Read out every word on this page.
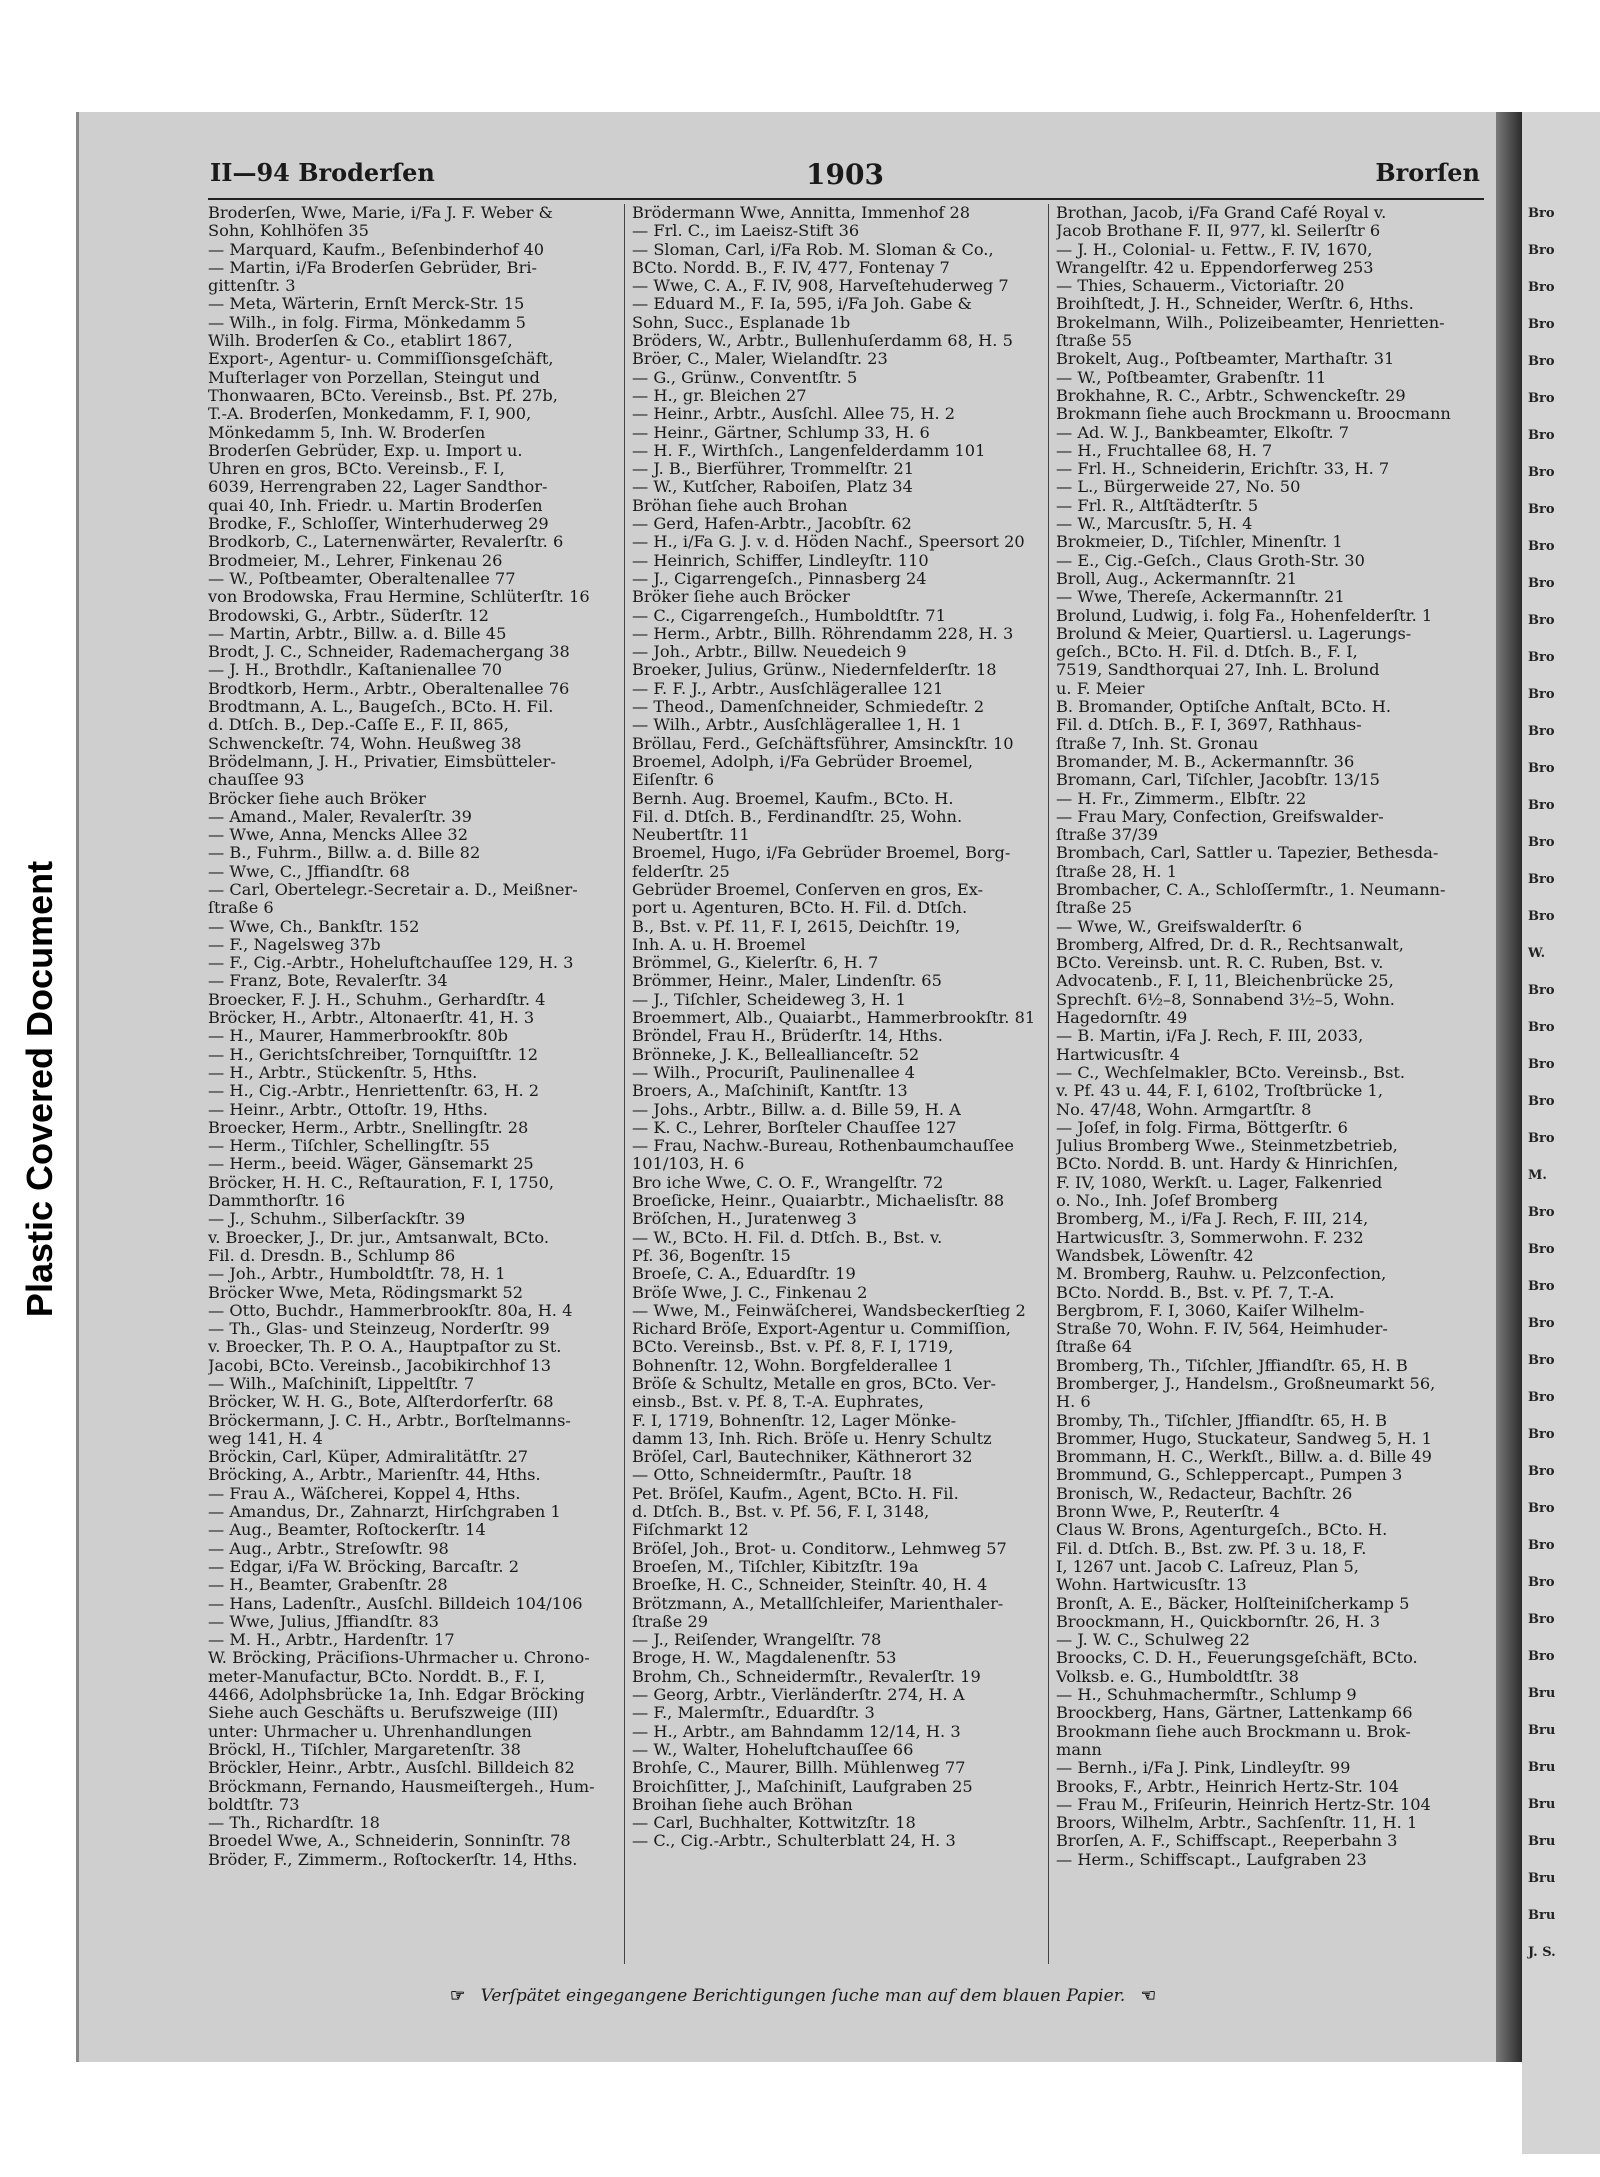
Plastic Covered Document
Bro
Bro
Bro
Bro
Bro
Bro
Bro
Bro
Bro
Bro
Bro
Bro
Bro
Bro
Bro
Bro
Bro
Bro
Bro
Bro
W.
Bro
Bro
Bro
Bro
Bro
M.
Bro
Bro
Bro
Bro
Bro
Bro
Bro
Bro
Bro
Bro
Bro
Bro
Bro
Bru
Bru
Bru
Bru
Bru
Bru
Bru
J. S.
II—94 Broderſen	1903	Brorſen
Broderſen, Wwe, Marie, i/Fa J. F. Weber &
Sohn, Kohlhöfen 35
— Marquard, Kaufm., Beſenbinderhof 40
— Martin, i/Fa Broderſen Gebrüder, Bri-
gittenſtr. 3
— Meta, Wärterin, Ernſt Merck-Str. 15
— Wilh., in folg. Firma, Mönkedamm 5
Wilh. Broderſen & Co., etablirt 1867,
Export-, Agentur- u. Commiſſionsgeſchäft,
Muſterlager von Porzellan, Steingut und
Thonwaaren, BCto. Vereinsb., Bst. Pf. 27b,
T.-A. Broderſen, Monkedamm, F. I, 900,
Mönkedamm 5, Inh. W. Broderſen
Broderſen Gebrüder, Exp. u. Import u.
Uhren en gros, BCto. Vereinsb., F. I,
6039, Herrengraben 22, Lager Sandthor-
quai 40, Inh. Friedr. u. Martin Broderſen
Brodke, F., Schloſſer, Winterhuderweg 29
Brodkorb, C., Laternenwärter, Revalerſtr. 6
Brodmeier, M., Lehrer, Finkenau 26
— W., Poſtbeamter, Oberaltenallee 77
von Brodowska, Frau Hermine, Schlüterſtr. 16
Brodowski, G., Arbtr., Süderſtr. 12
— Martin, Arbtr., Billw. a. d. Bille 45
Brodt, J. C., Schneider, Rademachergang 38
— J. H., Brothdlr., Kaſtanienallee 70
Brodtkorb, Herm., Arbtr., Oberaltenallee 76
Brodtmann, A. L., Baugeſch., BCto. H. Fil.
d. Dtſch. B., Dep.-Caſſe E., F. II, 865,
Schwenckeſtr. 74, Wohn. Heußweg 38
Brödelmann, J. H., Privatier, Eimsbütteler-
chauſſee 93
Bröcker ſiehe auch Bröker
— Amand., Maler, Revalerſtr. 39
— Wwe, Anna, Mencks Allee 32
— B., Fuhrm., Billw. a. d. Bille 82
— Wwe, C., Jffiandſtr. 68
— Carl, Obertelegr.-Secretair a. D., Meißner-
ſtraße 6
— Wwe, Ch., Bankſtr. 152
— F., Nagelsweg 37b
— F., Cig.-Arbtr., Hoheluftchauſſee 129, H. 3
— Franz, Bote, Revalerſtr. 34
Broecker, F. J. H., Schuhm., Gerhardſtr. 4
Bröcker, H., Arbtr., Altonaerſtr. 41, H. 3
— H., Maurer, Hammerbrookſtr. 80b
— H., Gerichtsſchreiber, Tornquiſtſtr. 12
— H., Arbtr., Stückenſtr. 5, Hths.
— H., Cig.-Arbtr., Henriettenſtr. 63, H. 2
— Heinr., Arbtr., Ottoſtr. 19, Hths.
Broecker, Herm., Arbtr., Snellingſtr. 28
— Herm., Tiſchler, Schellingſtr. 55
— Herm., beeid. Wäger, Gänsemarkt 25
Bröcker, H. H. C., Reſtauration, F. I, 1750,
Dammthorſtr. 16
— J., Schuhm., Silberſackſtr. 39
v. Broecker, J., Dr. jur., Amtsanwalt, BCto.
Fil. d. Dresdn. B., Schlump 86
— Joh., Arbtr., Humboldtſtr. 78, H. 1
Bröcker Wwe, Meta, Rödingsmarkt 52
— Otto, Buchdr., Hammerbrookſtr. 80a, H. 4
— Th., Glas- und Steinzeug, Norderſtr. 99
v. Broecker, Th. P. O. A., Hauptpaſtor zu St.
Jacobi, BCto. Vereinsb., Jacobikirchhof 13
— Wilh., Maſchiniſt, Lippeltſtr. 7
Bröcker, W. H. G., Bote, Alſterdorferſtr. 68
Bröckermann, J. C. H., Arbtr., Borſtelmanns-
weg 141, H. 4
Bröckin, Carl, Küper, Admiralitätſtr. 27
Bröcking, A., Arbtr., Marienſtr. 44, Hths.
— Frau A., Wäſcherei, Koppel 4, Hths.
— Amandus, Dr., Zahnarzt, Hirſchgraben 1
— Aug., Beamter, Roſtockerſtr. 14
— Aug., Arbtr., Streſowſtr. 98
— Edgar, i/Fa W. Bröcking, Barcaſtr. 2
— H., Beamter, Grabenſtr. 28
— Hans, Ladenſtr., Ausſchl. Billdeich 104/106
— Wwe, Julius, Jffiandſtr. 83
— M. H., Arbtr., Hardenſtr. 17
W. Bröcking, Präciſions-Uhrmacher u. Chrono-
meter-Manufactur, BCto. Norddt. B., F. I,
4466, Adolphsbrücke 1a, Inh. Edgar Bröcking
Siehe auch Geschäfts u. Berufszweige (III)
unter: Uhrmacher u. Uhrenhandlungen
Bröckl, H., Tiſchler, Margaretenſtr. 38
Bröckler, Heinr., Arbtr., Ausſchl. Billdeich 82
Bröckmann, Fernando, Hausmeiſtergeh., Hum-
boldtſtr. 73
— Th., Richardſtr. 18
Broedel Wwe, A., Schneiderin, Sonninſtr. 78
Bröder, F., Zimmerm., Roſtockerſtr. 14, Hths.
Brödermann Wwe, Annitta, Immenhof 28
— Frl. C., im Laeisz-Stift 36
— Sloman, Carl, i/Fa Rob. M. Sloman & Co.,
BCto. Nordd. B., F. IV, 477, Fontenay 7
— Wwe, C. A., F. IV, 908, Harveſtehuderweg 7
— Eduard M., F. Ia, 595, i/Fa Joh. Gabe &
Sohn, Succ., Esplanade 1b
Bröders, W., Arbtr., Bullenhuſerdamm 68, H. 5
Bröer, C., Maler, Wielandſtr. 23
— G., Grünw., Conventſtr. 5
— H., gr. Bleichen 27
— Heinr., Arbtr., Ausſchl. Allee 75, H. 2
— Heinr., Gärtner, Schlump 33, H. 6
— H. F., Wirthſch., Langenfelderdamm 101
— J. B., Bierführer, Trommelſtr. 21
— W., Kutſcher, Raboiſen, Platz 34
Bröhan ſiehe auch Brohan
— Gerd, Hafen-Arbtr., Jacobſtr. 62
— H., i/Fa G. J. v. d. Höden Nachf., Speersort 20
— Heinrich, Schiffer, Lindleyſtr. 110
— J., Cigarrengeſch., Pinnasberg 24
Bröker ſiehe auch Bröcker
— C., Cigarrengeſch., Humboldtſtr. 71
— Herm., Arbtr., Billh. Röhrendamm 228, H. 3
— Joh., Arbtr., Billw. Neuedeich 9
Broeker, Julius, Grünw., Niedernfelderſtr. 18
— F. F. J., Arbtr., Ausſchlägerallee 121
— Theod., Damenſchneider, Schmiedeſtr. 2
— Wilh., Arbtr., Ausſchlägerallee 1, H. 1
Bröllau, Ferd., Geſchäftsführer, Amsinckſtr. 10
Broemel, Adolph, i/Fa Gebrüder Broemel,
Eiſenſtr. 6
Bernh. Aug. Broemel, Kaufm., BCto. H.
Fil. d. Dtſch. B., Ferdinandſtr. 25, Wohn.
Neubertſtr. 11
Broemel, Hugo, i/Fa Gebrüder Broemel, Borg-
felderſtr. 25
Gebrüder Broemel, Conſerven en gros, Ex-
port u. Agenturen, BCto. H. Fil. d. Dtſch.
B., Bst. v. Pf. 11, F. I, 2615, Deichſtr. 19,
Inh. A. u. H. Broemel
Brömmel, G., Kielerſtr. 6, H. 7
Brömmer, Heinr., Maler, Lindenſtr. 65
— J., Tiſchler, Scheideweg 3, H. 1
Broemmert, Alb., Quaiarbt., Hammerbrookſtr. 81
Bröndel, Frau H., Brüderſtr. 14, Hths.
Brönneke, J. K., Belleallianceſtr. 52
— Wilh., Procuriſt, Paulinenallee 4
Broers, A., Maſchiniſt, Kantſtr. 13
— Johs., Arbtr., Billw. a. d. Bille 59, H. A
— K. C., Lehrer, Borſteler Chauſſee 127
— Frau, Nachw.-Bureau, Rothenbaumchauſſee
101/103, H. 6
Bro iche Wwe, C. O. F., Wrangelſtr. 72
Broeſicke, Heinr., Quaiarbtr., Michaelisſtr. 88
Bröſchen, H., Juratenweg 3
— W., BCto. H. Fil. d. Dtſch. B., Bst. v.
Pf. 36, Bogenſtr. 15
Broeſe, C. A., Eduardſtr. 19
Bröſe Wwe, J. C., Finkenau 2
— Wwe, M., Feinwäſcherei, Wandsbeckerſtieg 2
Richard Bröſe, Export-Agentur u. Commiſſion,
BCto. Vereinsb., Bst. v. Pf. 8, F. I, 1719,
Bohnenſtr. 12, Wohn. Borgfelderallee 1
Bröſe & Schultz, Metalle en gros, BCto. Ver-
einsb., Bst. v. Pf. 8, T.-A. Euphrates,
F. I, 1719, Bohnenſtr. 12, Lager Mönke-
damm 13, Inh. Rich. Bröſe u. Henry Schultz
Bröſel, Carl, Bautechniker, Käthnerort 32
— Otto, Schneidermſtr., Pauſtr. 18
Pet. Bröſel, Kaufm., Agent, BCto. H. Fil.
d. Dtſch. B., Bst. v. Pf. 56, F. I, 3148,
Fiſchmarkt 12
Bröſel, Joh., Brot- u. Conditorw., Lehmweg 57
Broeſen, M., Tiſchler, Kibitzſtr. 19a
Broeſke, H. C., Schneider, Steinſtr. 40, H. 4
Brötzmann, A., Metallſchleifer, Marienthaler-
ſtraße 29
— J., Reiſender, Wrangelſtr. 78
Broge, H. W., Magdalenenſtr. 53
Brohm, Ch., Schneidermſtr., Revalerſtr. 19
— Georg, Arbtr., Vierländerſtr. 274, H. A
— F., Malermſtr., Eduardſtr. 3
— H., Arbtr., am Bahndamm 12/14, H. 3
— W., Walter, Hoheluftchauſſee 66
Brohſe, C., Maurer, Billh. Mühlenweg 77
Broichſitter, J., Maſchiniſt, Laufgraben 25
Broihan ſiehe auch Bröhan
— Carl, Buchhalter, Kottwitzſtr. 18
— C., Cig.-Arbtr., Schulterblatt 24, H. 3
Brothan, Jacob, i/Fa Grand Café Royal v.
Jacob Brothane F. II, 977, kl. Seilerſtr 6
— J. H., Colonial- u. Fettw., F. IV, 1670,
Wrangelſtr. 42 u. Eppendorferweg 253
— Thies, Schauerm., Victoriaſtr. 20
Broihſtedt, J. H., Schneider, Werſtr. 6, Hths.
Brokelmann, Wilh., Polizeibeamter, Henrietten-
ſtraße 55
Brokelt, Aug., Poſtbeamter, Marthaſtr. 31
— W., Poſtbeamter, Grabenſtr. 11
Brokhahne, R. C., Arbtr., Schwenckeſtr. 29
Brokmann ſiehe auch Brockmann u. Broocmann
— Ad. W. J., Bankbeamter, Elkoſtr. 7
— H., Fruchtallee 68, H. 7
— Frl. H., Schneiderin, Erichſtr. 33, H. 7
— L., Bürgerweide 27, No. 50
— Frl. R., Altſtädterſtr. 5
— W., Marcusſtr. 5, H. 4
Brokmeier, D., Tiſchler, Minenſtr. 1
— E., Cig.-Geſch., Claus Groth-Str. 30
Broll, Aug., Ackermannſtr. 21
— Wwe, Thereſe, Ackermannſtr. 21
Brolund, Ludwig, i. folg Fa., Hohenfelderſtr. 1
Brolund & Meier, Quartiersl. u. Lagerungs-
geſch., BCto. H. Fil. d. Dtſch. B., F. I,
7519, Sandthorquai 27, Inh. L. Brolund
u. F. Meier
B. Bromander, Optiſche Anſtalt, BCto. H.
Fil. d. Dtſch. B., F. I, 3697, Rathhaus-
ſtraße 7, Inh. St. Gronau
Bromander, M. B., Ackermannſtr. 36
Bromann, Carl, Tiſchler, Jacobſtr. 13/15
— H. Fr., Zimmerm., Elbſtr. 22
— Frau Mary, Confection, Greifswalder-
ſtraße 37/39
Brombach, Carl, Sattler u. Tapezier, Bethesda-
ſtraße 28, H. 1
Brombacher, C. A., Schloſſermſtr., 1. Neumann-
ſtraße 25
— Wwe, W., Greifswalderſtr. 6
Bromberg, Alfred, Dr. d. R., Rechtsanwalt,
BCto. Vereinsb. unt. R. C. Ruben, Bst. v.
Advocatenb., F. I, 11, Bleichenbrücke 25,
Sprechſt. 6½–8, Sonnabend 3½–5, Wohn.
Hagedornſtr. 49
— B. Martin, i/Fa J. Rech, F. III, 2033,
Hartwicusſtr. 4
— C., Wechſelmakler, BCto. Vereinsb., Bst.
v. Pf. 43 u. 44, F. I, 6102, Troſtbrücke 1,
No. 47/48, Wohn. Armgartſtr. 8
— Joſef, in folg. Firma, Böttgerſtr. 6
Julius Bromberg Wwe., Steinmetzbetrieb,
BCto. Nordd. B. unt. Hardy & Hinrichſen,
F. IV, 1080, Werkſt. u. Lager, Falkenried
o. No., Inh. Joſef Bromberg
Bromberg, M., i/Fa J. Rech, F. III, 214,
Hartwicusſtr. 3, Sommerwohn. F. 232
Wandsbek, Löwenſtr. 42
M. Bromberg, Rauhw. u. Pelzconfection,
BCto. Nordd. B., Bst. v. Pf. 7, T.-A.
Bergbrom, F. I, 3060, Kaiſer Wilhelm-
Straße 70, Wohn. F. IV, 564, Heimhuder-
ſtraße 64
Bromberg, Th., Tiſchler, Jffiandſtr. 65, H. B
Bromberger, J., Handelsm., Großneumarkt 56,
H. 6
Bromby, Th., Tiſchler, Jffiandſtr. 65, H. B
Brommer, Hugo, Stuckateur, Sandweg 5, H. 1
Brommann, H. C., Werkſt., Billw. a. d. Bille 49
Brommund, G., Schleppercapt., Pumpen 3
Bronisch, W., Redacteur, Bachſtr. 26
Bronn Wwe, P., Reuterſtr. 4
Claus W. Brons, Agenturgeſch., BCto. H.
Fil. d. Dtſch. B., Bst. zw. Pf. 3 u. 18, F.
I, 1267 unt. Jacob C. Laſreuz, Plan 5,
Wohn. Hartwicusſtr. 13
Bronſt, A. E., Bäcker, Holſteiniſcherkamp 5
Broockmann, H., Quickbornſtr. 26, H. 3
— J. W. C., Schulweg 22
Broocks, C. D. H., Feuerungsgeſchäft, BCto.
Volksb. e. G., Humboldtſtr. 38
— H., Schuhmachermſtr., Schlump 9
Broockberg, Hans, Gärtner, Lattenkamp 66
Brookmann ſiehe auch Brockmann u. Brok-
mann
— Bernh., i/Fa J. Pink, Lindleyſtr. 99
Brooks, F., Arbtr., Heinrich Hertz-Str. 104
— Frau M., Friſeurin, Heinrich Hertz-Str. 104
Broors, Wilhelm, Arbtr., Sachſenſtr. 11, H. 1
Brorſen, A. F., Schiffscapt., Reeperbahn 3
— Herm., Schiffscapt., Laufgraben 23
☞ Verſpätet eingegangene Berichtigungen ſuche man auf dem blauen Papier. ☜
